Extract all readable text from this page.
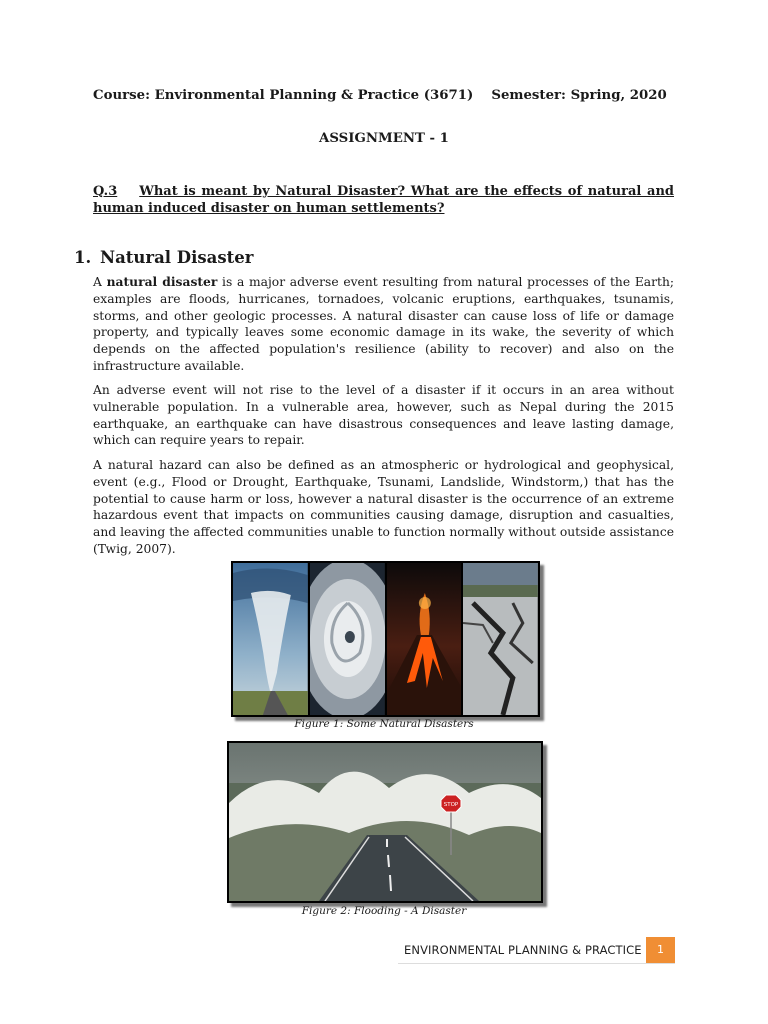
Course: Environmental Planning & Practice (3671) Semester: Spring, 2020
ASSIGNMENT - 1
Q.3 What is meant by Natural Disaster? What are the effects of natural and human induced disaster on human settlements?
1. Natural Disaster

A natural disaster is a major adverse event resulting from natural processes of the Earth; examples are floods, hurricanes, tornadoes, volcanic eruptions, earthquakes, tsunamis, storms, and other geologic processes. A natural disaster can cause loss of life or damage property, and typically leaves some economic damage in its wake, the severity of which depends on the affected population's resilience (ability to recover) and also on the infrastructure available.

An adverse event will not rise to the level of a disaster if it occurs in an area without vulnerable population. In a vulnerable area, however, such as Nepal during the 2015 earthquake, an earthquake can have disastrous consequences and leave lasting damage, which can require years to repair.

A natural hazard can also be defined as an atmospheric or hydrological and geophysical, event (e.g., Flood or Drought, Earthquake, Tsunami, Landslide, Windstorm,) that has the potential to cause harm or loss, however a natural disaster is the occurrence of an extreme hazardous event that impacts on communities causing damage, disruption and casualties, and leaving the affected communities unable to function normally without outside assistance (Twig, 2007).

Figure 1: Some Natural Disasters
STOP
Figure 2: Flooding - A Disaster
ENVIRONMENTAL PLANNING & PRACTICE	1
